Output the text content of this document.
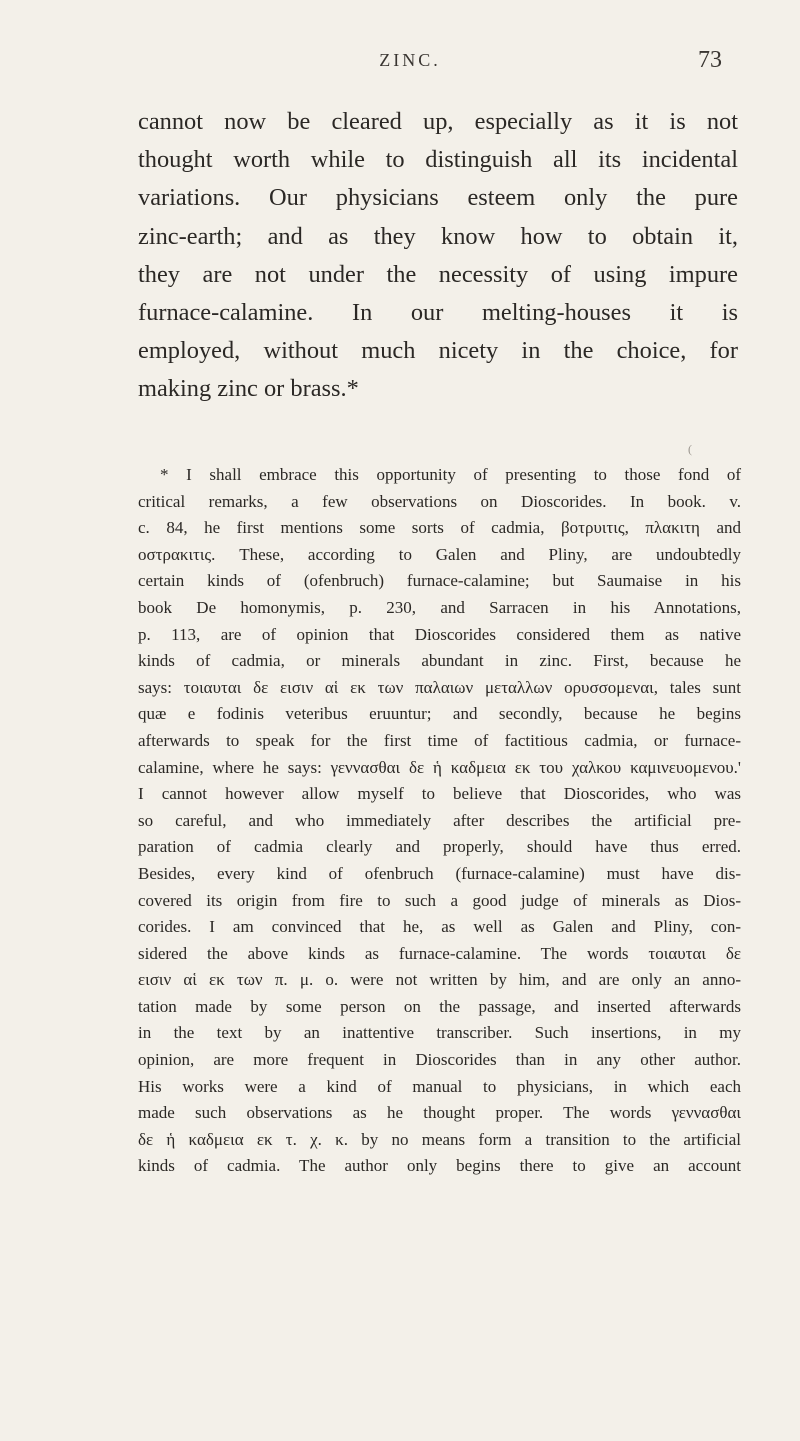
ZINC.	73
cannot now be cleared up, especially as it is not
thought worth while to distinguish all its incidental
variations. Our physicians esteem only the pure
zinc-earth; and as they know how to obtain it,
they are not under the necessity of using impure
furnace-calamine. In our melting-houses it is
employed, without much nicety in the choice, for
making zinc or brass.*
(
* I shall embrace this opportunity of presenting to those fond of
critical remarks, a few observations on Dioscorides. In book. v.
c. 84, he first mentions some sorts of cadmia, βοτρυιτις, πλακιτη and
οστρακιτις. These, according to Galen and Pliny, are undoubtedly
certain kinds of (ofenbruch) furnace-calamine; but Saumaise in his
book De homonymis, p. 230, and Sarracen in his Annotations,
p. 113, are of opinion that Dioscorides considered them as native
kinds of cadmia, or minerals abundant in zinc. First, because he
says: τοιαυται δε εισιν αἱ εκ των παλαιων μεταλλων ορυσσομεναι, tales sunt
quæ e fodinis veteribus eruuntur; and secondly, because he begins
afterwards to speak for the first time of factitious cadmia, or furnace-
calamine, where he says: γεννασθαι δε ἡ καδμεια εκ του χαλκου καμινευομενου.'
I cannot however allow myself to believe that Dioscorides, who was
so careful, and who immediately after describes the artificial pre-
paration of cadmia clearly and properly, should have thus erred.
Besides, every kind of ofenbruch (furnace-calamine) must have dis-
covered its origin from fire to such a good judge of minerals as Dios-
corides. I am convinced that he, as well as Galen and Pliny, con-
sidered the above kinds as furnace-calamine. The words τοιαυται δε
εισιν αἱ εκ των π. μ. ο. were not written by him, and are only an anno-
tation made by some person on the passage, and inserted afterwards
in the text by an inattentive transcriber. Such insertions, in my
opinion, are more frequent in Dioscorides than in any other author.
His works were a kind of manual to physicians, in which each
made such observations as he thought proper. The words γεννασθαι
δε ἡ καδμεια εκ τ. χ. κ. by no means form a transition to the artificial
kinds of cadmia. The author only begins there to give an account
